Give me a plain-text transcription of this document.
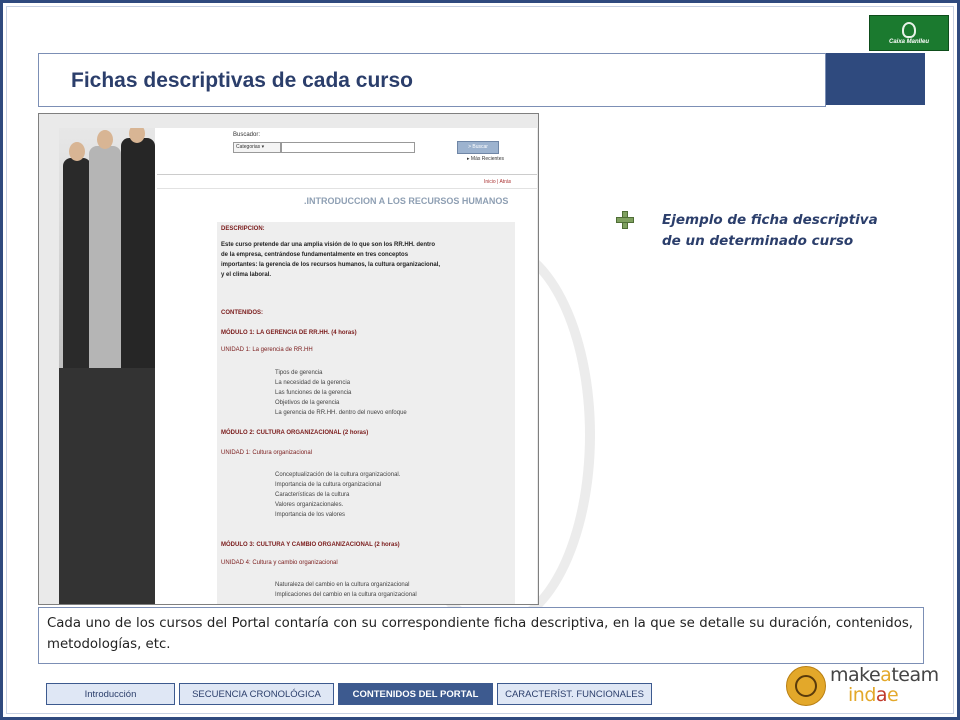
Caixa Manlleu
Fichas descriptivas de cada curso
Buscador:
Categorias ▾	> Buscar
▸ Más Recientes
Inicio | Atrás
.INTRODUCCION A LOS RECURSOS HUMANOS
DESCRIPCION:
Este curso pretende dar una amplia visión de lo que son los RR.HH. dentro
de la empresa, centrándose fundamentalmente en tres conceptos
importantes: la gerencia de los recursos humanos, la cultura organizacional,
y el clima laboral.
CONTENIDOS:
MÓDULO 1: LA GERENCIA DE RR.HH. (4 horas)
UNIDAD 1: La gerencia de RR.HH
Tipos de gerencia
La necesidad de la gerencia
Las funciones de la gerencia
Objetivos de la gerencia
La gerencia de RR.HH. dentro del nuevo enfoque
MÓDULO 2: CULTURA ORGANIZACIONAL (2 horas)
UNIDAD 1: Cultura organizacional
Conceptualización de la cultura organizacional.
Importancia de la cultura organizacional
Características de la cultura
Valores organizacionales.
Importancia de los valores
MÓDULO 3: CULTURA Y CAMBIO ORGANIZACIONAL (2 horas)
UNIDAD 4: Cultura y cambio organizacional
Naturaleza del cambio en la cultura organizacional
Implicaciones del cambio en la cultura organizacional
Ejemplo de ficha descriptiva
de un determinado curso
Cada uno de los cursos del Portal contaría con su correspondiente ficha descriptiva, en la que se detalle su duración, contenidos, metodologías, etc.
Introducción	SECUENCIA CRONOLÓGICA	CONTENIDOS DEL PORTAL	CARACTERÍST. FUNCIONALES
makeateam
indae
